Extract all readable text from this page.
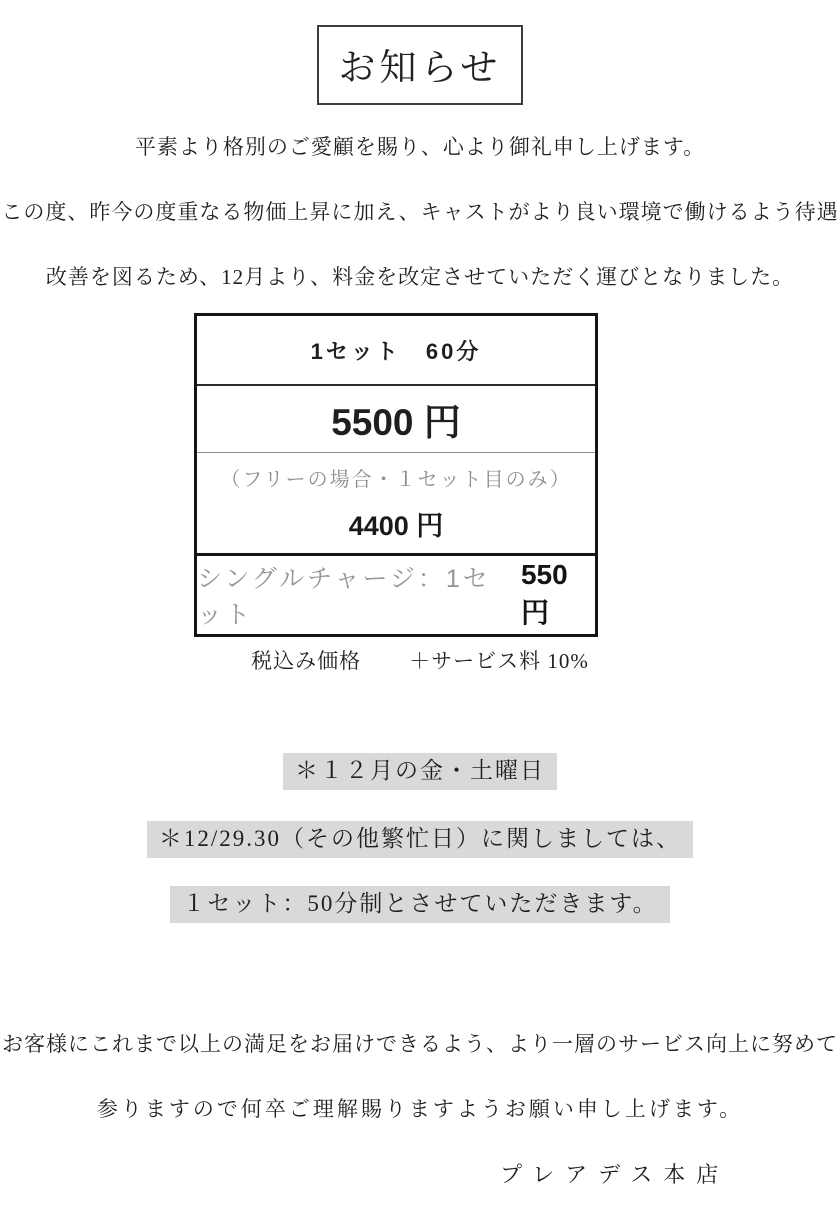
お知らせ
平素より格別のご愛顧を賜り、心より御礼申し上げます。
この度、昨今の度重なる物価上昇に加え、キャストがより良い環境で働けるよう待遇
改善を図るため、12月より、料金を改定させていただく運びとなりました。
1セット　60分
5500 円
（フリーの場合・１セット目のみ）
4400 円
シングルチャージ：1セット
550 円
税込み価格 ＋サービス料 10%
＊１２月の金・土曜日
＊12/29.30（その他繁忙日）に関しましては、
１セット：50分制とさせていただきます。
お客様にこれまで以上の満足をお届けできるよう、より一層のサービス向上に努めて
参りますので何卒ご理解賜りますようお願い申し上げます。
プレアデス本店
